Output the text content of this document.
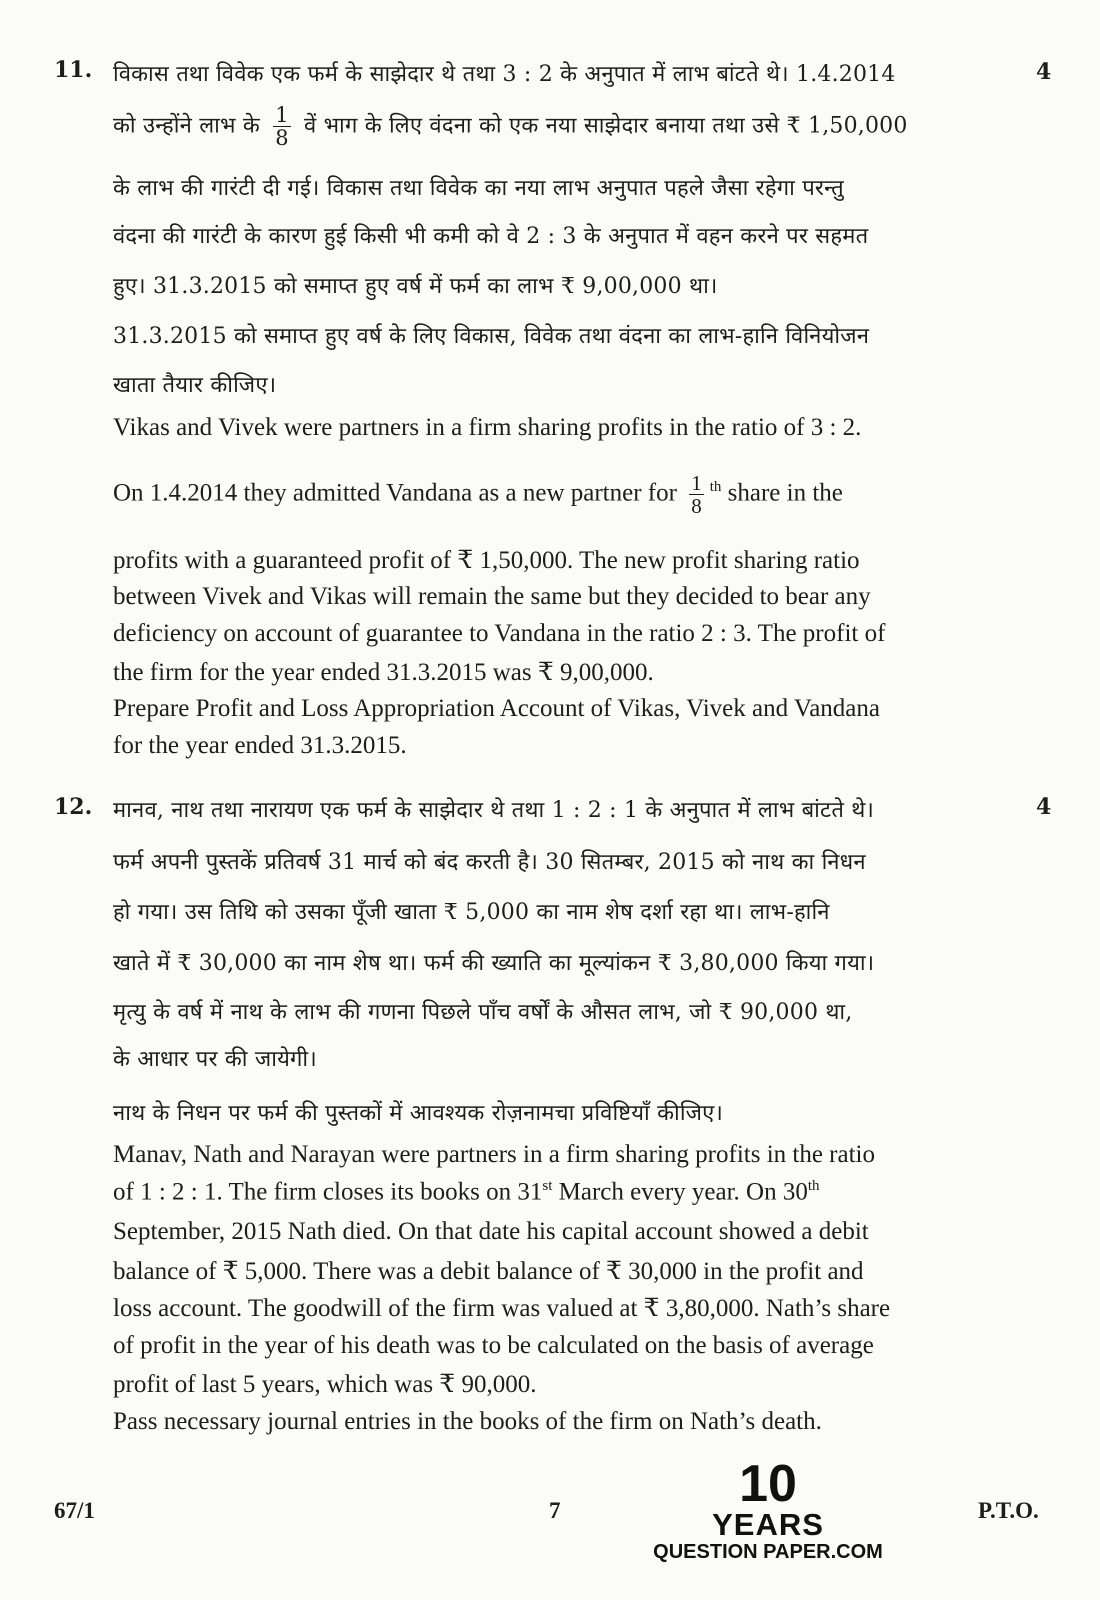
11.	4
विकास तथा विवेक एक फर्म के साझेदार थे तथा 3 : 2 के अनुपात में लाभ बांटते थे। 1.4.2014
को उन्होंने लाभ के $\frac{1}{8}$ वें भाग के लिए वंदना को एक नया साझेदार बनाया तथा उसे ₹ 1,50,000
के लाभ की गारंटी दी गई। विकास तथा विवेक का नया लाभ अनुपात पहले जैसा रहेगा परन्तु
वंदना की गारंटी के कारण हुई किसी भी कमी को वे 2 : 3 के अनुपात में वहन करने पर सहमत
हुए। 31.3.2015 को समाप्त हुए वर्ष में फर्म का लाभ ₹ 9,00,000 था।
31.3.2015 को समाप्त हुए वर्ष के लिए विकास, विवेक तथा वंदना का लाभ-हानि विनियोजन
खाता तैयार कीजिए।
Vikas and Vivek were partners in a firm sharing profits in the ratio of 3 : 2.
On 1.4.2014 they admitted Vandana as a new partner for $\frac{1}{8} ^{th}$ share in the
profits with a guaranteed profit of ₹ 1,50,000. The new profit sharing ratio
between Vivek and Vikas will remain the same but they decided to bear any
deficiency on account of guarantee to Vandana in the ratio 2 : 3. The profit of
the firm for the year ended 31.3.2015 was ₹ 9,00,000.
Prepare Profit and Loss Appropriation Account of Vikas, Vivek and Vandana
for the year ended 31.3.2015.
12.	4
मानव, नाथ तथा नारायण एक फर्म के साझेदार थे तथा 1 : 2 : 1 के अनुपात में लाभ बांटते थे।
फर्म अपनी पुस्तकें प्रतिवर्ष 31 मार्च को बंद करती है। 30 सितम्बर, 2015 को नाथ का निधन
हो गया। उस तिथि को उसका पूँजी खाता ₹ 5,000 का नाम शेष दर्शा रहा था। लाभ-हानि
खाते में ₹ 30,000 का नाम शेष था। फर्म की ख्याति का मूल्यांकन ₹ 3,80,000 किया गया।
मृत्यु के वर्ष में नाथ के लाभ की गणना पिछले पाँच वर्षों के औसत लाभ, जो ₹ 90,000 था,
के आधार पर की जायेगी।
नाथ के निधन पर फर्म की पुस्तकों में आवश्यक रोज़नामचा प्रविष्टियाँ कीजिए।
Manav, Nath and Narayan were partners in a firm sharing profits in the ratio
of 1 : 2 : 1. The firm closes its books on 31st March every year. On 30th
September, 2015 Nath died. On that date his capital account showed a debit
balance of ₹ 5,000. There was a debit balance of ₹ 30,000 in the profit and
loss account. The goodwill of the firm was valued at ₹ 3,80,000. Nath’s share
of profit in the year of his death was to be calculated on the basis of average
profit of last 5 years, which was ₹ 90,000.
Pass necessary journal entries in the books of the firm on Nath’s death.
67/1	7	P.T.O.
10
YEARS
QUESTION PAPER.COM
